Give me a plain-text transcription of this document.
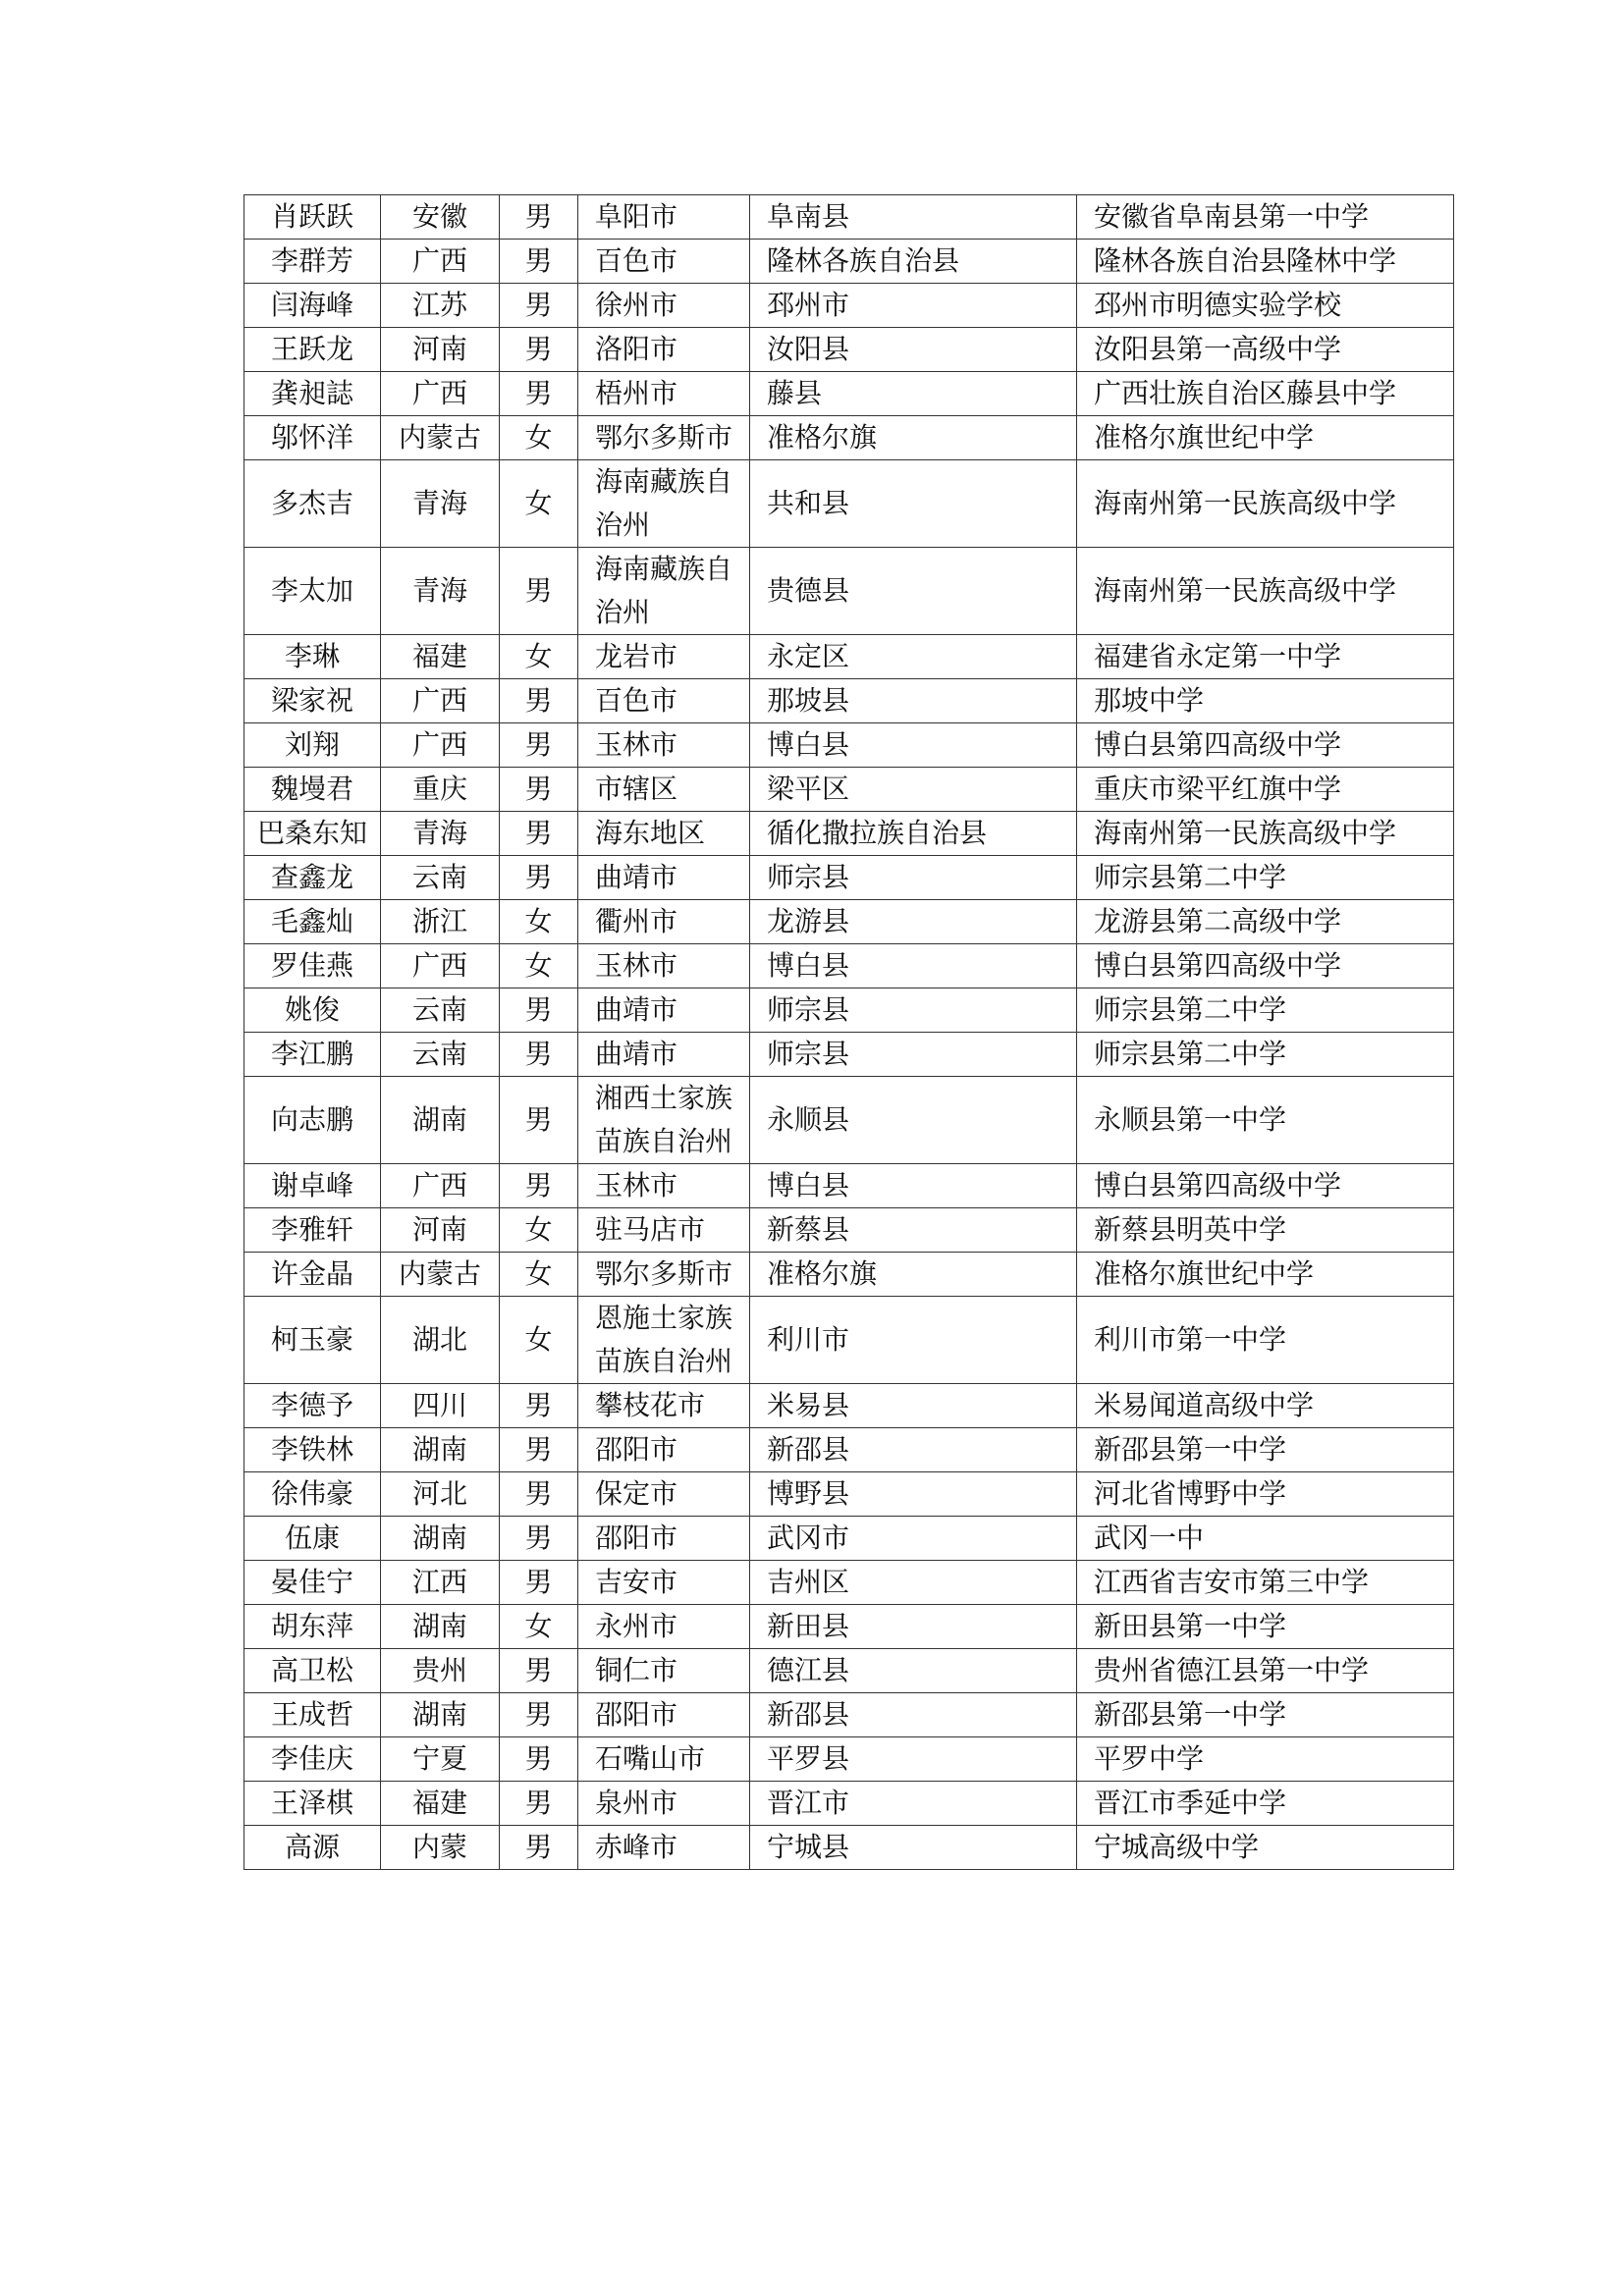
肖跃跃	安徽	男	阜阳市	阜南县	安徽省阜南县第一中学
李群芳	广西	男	百色市	隆林各族自治县	隆林各族自治县隆林中学
闫海峰	江苏	男	徐州市	邳州市	邳州市明德实验学校
王跃龙	河南	男	洛阳市	汝阳县	汝阳县第一高级中学
龚昶誌	广西	男	梧州市	藤县	广西壮族自治区藤县中学
邬怀洋	内蒙古	女	鄂尔多斯市	准格尔旗	准格尔旗世纪中学
多杰吉	青海	女	海南藏族自治州	共和县	海南州第一民族高级中学
李太加	青海	男	海南藏族自治州	贵德县	海南州第一民族高级中学
李琳	福建	女	龙岩市	永定区	福建省永定第一中学
梁家祝	广西	男	百色市	那坡县	那坡中学
刘翔	广西	男	玉林市	博白县	博白县第四高级中学
魏墁君	重庆	男	市辖区	梁平区	重庆市梁平红旗中学
巴桑东知	青海	男	海东地区	循化撒拉族自治县	海南州第一民族高级中学
查鑫龙	云南	男	曲靖市	师宗县	师宗县第二中学
毛鑫灿	浙江	女	衢州市	龙游县	龙游县第二高级中学
罗佳燕	广西	女	玉林市	博白县	博白县第四高级中学
姚俊	云南	男	曲靖市	师宗县	师宗县第二中学
李江鹏	云南	男	曲靖市	师宗县	师宗县第二中学
向志鹏	湖南	男	湘西土家族苗族自治州	永顺县	永顺县第一中学
谢卓峰	广西	男	玉林市	博白县	博白县第四高级中学
李雅轩	河南	女	驻马店市	新蔡县	新蔡县明英中学
许金晶	内蒙古	女	鄂尔多斯市	准格尔旗	准格尔旗世纪中学
柯玉豪	湖北	女	恩施土家族苗族自治州	利川市	利川市第一中学
李德予	四川	男	攀枝花市	米易县	米易闻道高级中学
李铁林	湖南	男	邵阳市	新邵县	新邵县第一中学
徐伟豪	河北	男	保定市	博野县	河北省博野中学
伍康	湖南	男	邵阳市	武冈市	武冈一中
晏佳宁	江西	男	吉安市	吉州区	江西省吉安市第三中学
胡东萍	湖南	女	永州市	新田县	新田县第一中学
高卫松	贵州	男	铜仁市	德江县	贵州省德江县第一中学
王成哲	湖南	男	邵阳市	新邵县	新邵县第一中学
李佳庆	宁夏	男	石嘴山市	平罗县	平罗中学
王泽棋	福建	男	泉州市	晋江市	晋江市季延中学
高源	内蒙	男	赤峰市	宁城县	宁城高级中学
